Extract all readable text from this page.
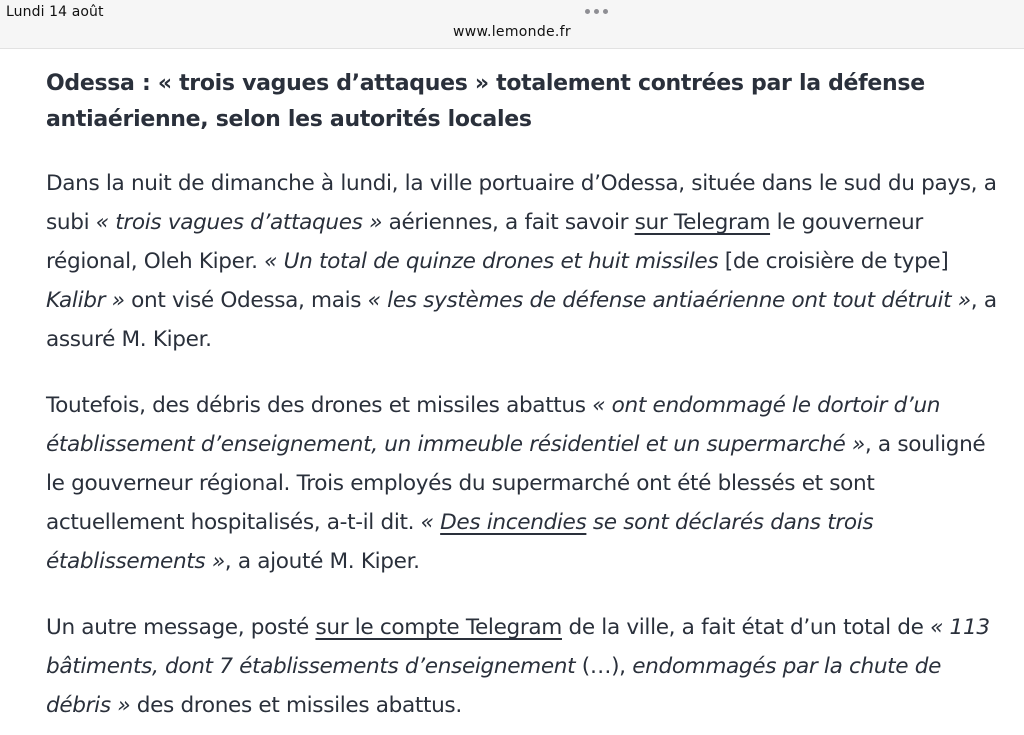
Lundi 14 août
www.lemonde.fr
Odessa : « trois vagues d’attaques » totalement contrées par la défense antiaérienne, selon les autorités locales

Dans la nuit de dimanche à lundi, la ville portuaire d’Odessa, située dans le sud du pays, a subi « trois vagues d’attaques » aériennes, a fait savoir sur Telegram le gouverneur régional, Oleh Kiper. « Un total de quinze drones et huit missiles [de croisière de type] Kalibr » ont visé Odessa, mais « les systèmes de défense antiaérienne ont tout détruit », a assuré M. Kiper.

Toutefois, des débris des drones et missiles abattus « ont endommagé le dortoir d’un établissement d’enseignement, un immeuble résidentiel et un supermarché », a souligné le gouverneur régional. Trois employés du supermarché ont été blessés et sont actuellement hospitalisés, a-t-il dit. « Des incendies se sont déclarés dans trois établissements », a ajouté M. Kiper.

Un autre message, posté sur le compte Telegram de la ville, a fait état d’un total de « 113 bâtiments, dont 7 établissements d’enseignement (…), endommagés par la chute de débris » des drones et missiles abattus.
